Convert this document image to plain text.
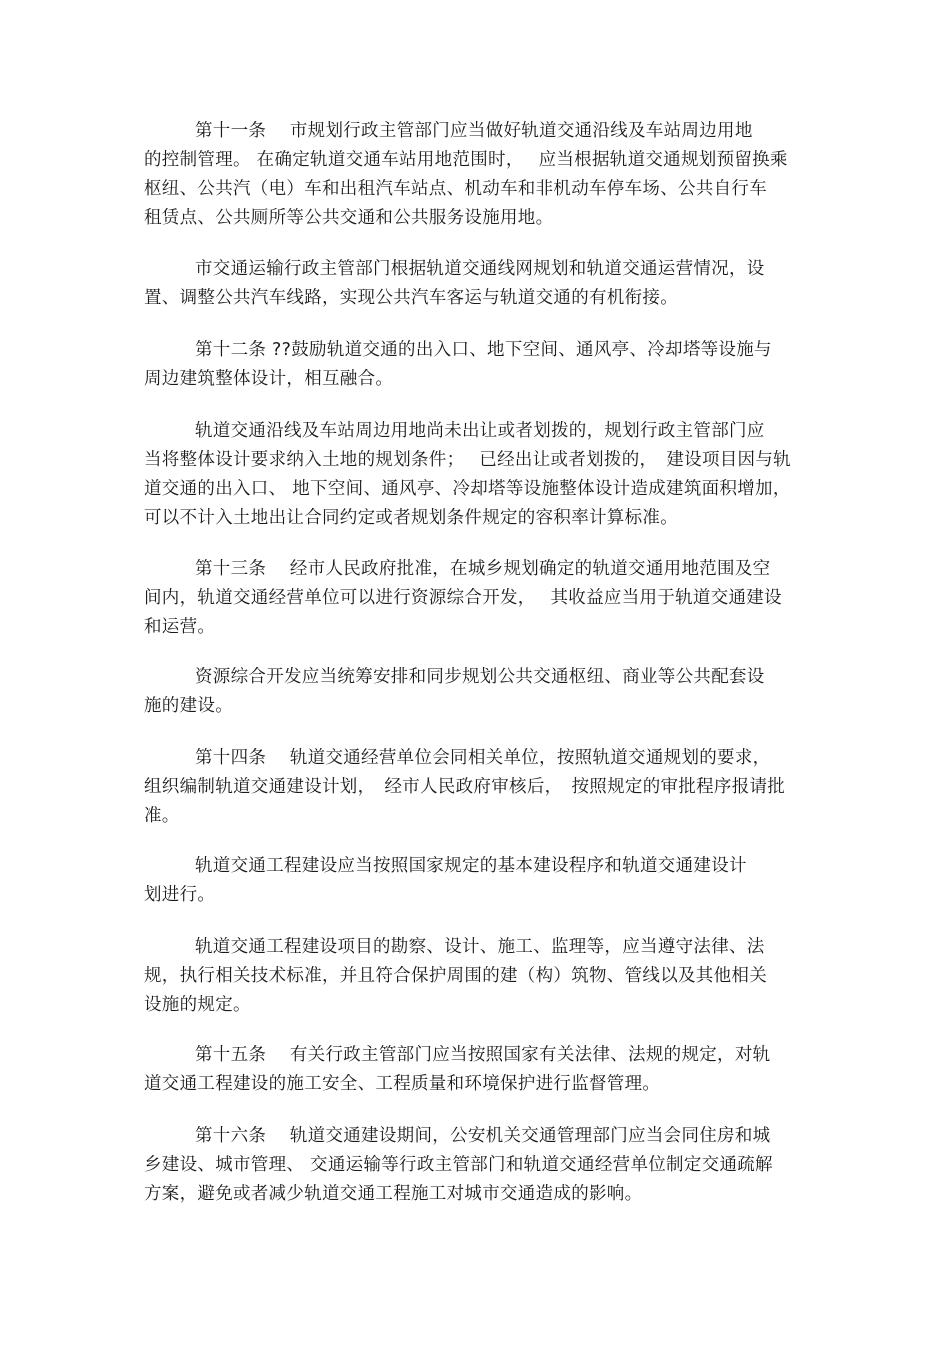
第十一条　 市规划行政主管部门应当做好轨道交通沿线及车站周边用地
的控制管理。 在确定轨道交通车站用地范围时，　 应当根据轨道交通规划预留换乘
枢纽、公共汽（电）车和出租汽车站点、机动车和非机动车停车场、公共自行车
租赁点、公共厕所等公共交通和公共服务设施用地。
市交通运输行政主管部门根据轨道交通线网规划和轨道交通运营情况，设
置、调整公共汽车线路，实现公共汽车客运与轨道交通的有机衔接。
第十二条 ??鼓励轨道交通的出入口、地下空间、通风亭、冷却塔等设施与
周边建筑整体设计，相互融合。
轨道交通沿线及车站周边用地尚未出让或者划拨的，规划行政主管部门应
当将整体设计要求纳入土地的规划条件；　 已经出让或者划拨的，　建设项目因与轨
道交通的出入口、 地下空间、通风亭、冷却塔等设施整体设计造成建筑面积增加，
可以不计入土地出让合同约定或者规划条件规定的容积率计算标准。
第十三条　 经市人民政府批准，在城乡规划确定的轨道交通用地范围及空
间内，轨道交通经营单位可以进行资源综合开发，　 其收益应当用于轨道交通建设
和运营。
资源综合开发应当统筹安排和同步规划公共交通枢纽、商业等公共配套设
施的建设。
第十四条　 轨道交通经营单位会同相关单位，按照轨道交通规划的要求，
组织编制轨道交通建设计划，　经市人民政府审核后，　按照规定的审批程序报请批
准。
轨道交通工程建设应当按照国家规定的基本建设程序和轨道交通建设计
划进行。
轨道交通工程建设项目的勘察、设计、施工、监理等，应当遵守法律、法
规，执行相关技术标准，并且符合保护周围的建（构）筑物、管线以及其他相关
设施的规定。
第十五条　 有关行政主管部门应当按照国家有关法律、法规的规定，对轨
道交通工程建设的施工安全、工程质量和环境保护进行监督管理。
第十六条　 轨道交通建设期间，公安机关交通管理部门应当会同住房和城
乡建设、城市管理、 交通运输等行政主管部门和轨道交通经营单位制定交通疏解
方案，避免或者减少轨道交通工程施工对城市交通造成的影响。
